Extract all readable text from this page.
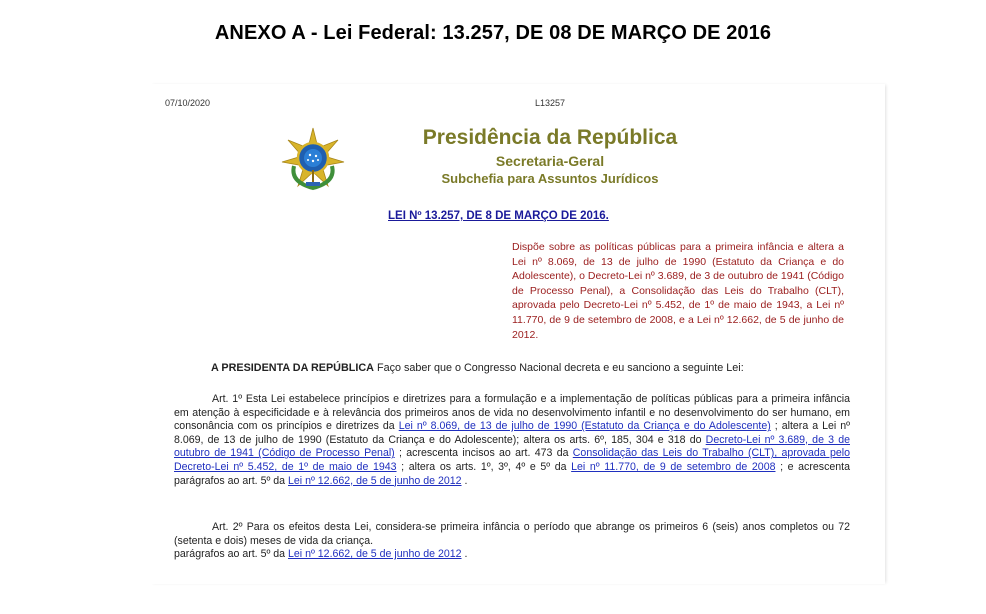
ANEXO A - Lei Federal: 13.257, DE 08 DE MARÇO DE 2016
07/10/2020	L13257
Presidência da República
Secretaria-Geral
Subchefia para Assuntos Jurídicos
LEI Nº 13.257, DE 8 DE MARÇO DE 2016.
Dispõe sobre as políticas públicas para a primeira infância e altera a Lei nº 8.069, de 13 de julho de 1990 (Estatuto da Criança e do Adolescente), o Decreto-Lei nº 3.689, de 3 de outubro de 1941 (Código de Processo Penal), a Consolidação das Leis do Trabalho (CLT), aprovada pelo Decreto-Lei nº 5.452, de 1º de maio de 1943, a Lei nº 11.770, de 9 de setembro de 2008, e a Lei nº 12.662, de 5 de junho de 2012.
A PRESIDENTA DA REPÚBLICA Faço saber que o Congresso Nacional decreta e eu sanciono a seguinte Lei:

Art. 1º Esta Lei estabelece princípios e diretrizes para a formulação e a implementação de políticas públicas para a primeira infância em atenção à especificidade e à relevância dos primeiros anos de vida no desenvolvimento infantil e no desenvolvimento do ser humano, em consonância com os princípios e diretrizes da Lei nº 8.069, de 13 de julho de 1990 (Estatuto da Criança e do Adolescente) ; altera a Lei nº 8.069, de 13 de julho de 1990 (Estatuto da Criança e do Adolescente); altera os arts. 6º, 185, 304 e 318 do Decreto-Lei nº 3.689, de 3 de outubro de 1941 (Código de Processo Penal) ; acrescenta incisos ao art. 473 da Consolidação das Leis do Trabalho (CLT), aprovada pelo Decreto-Lei nº 5.452, de 1º de maio de 1943 ; altera os arts. 1º, 3º, 4º e 5º da Lei nº 11.770, de 9 de setembro de 2008 ; e acrescenta parágrafos ao art. 5º da Lei nº 12.662, de 5 de junho de 2012 .

Art. 2º Para os efeitos desta Lei, considera-se primeira infância o período que abrange os primeiros 6 (seis) anos completos ou 72 (setenta e dois) meses de vida da criança.

parágrafos ao art. 5º da Lei nº 12.662, de 5 de junho de 2012 .
